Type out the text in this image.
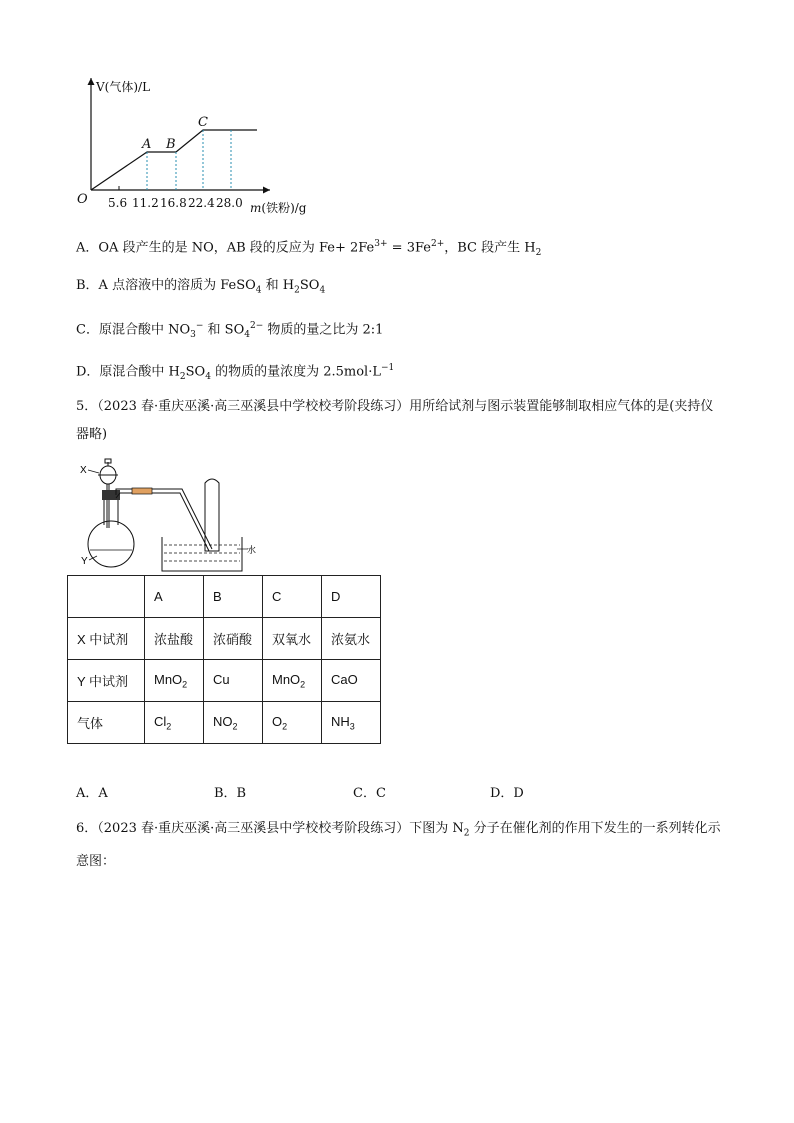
V(气体)/L
O
m(铁粉)/g
5.6 11.2 16.8 22.4 28.0
A B
C
A．OA 段产生的是 NO，AB 段的反应为 $Fe+ 2Fe^{3+} = 3Fe^{2+}$，BC 段产生 $H_2$
B．A 点溶液中的溶质为 FeSO$_4$ 和 $H_2SO_4$
C．原混合酸中 $NO_3^-$ 和 $SO_4^{2-}$ 物质的量之比为 2:1
D．原混合酸中 $H_2SO_4$ 的物质的量浓度为 $2.5mol\cdot L^{-1}$
5．（2023 春·重庆巫溪·高三巫溪县中学校校考阶段练习）用所给试剂与图示装置能够制取相应气体的是(夹持仪器略)
X
Y
水
	A	B	C	D
X 中试剂	浓盐酸	浓硝酸	双氧水	浓氨水
Y 中试剂	MnO$_2$	Cu	MnO$_2$	CaO
气体	$Cl_2$	$NO_2$	$O_2$	$NH_3$
A．A	B．B	C．C	D．D
6．（2023 春·重庆巫溪·高三巫溪县中学校校考阶段练习）下图为 $N_2$ 分子在催化剂的作用下发生的一系列转化示意图：
